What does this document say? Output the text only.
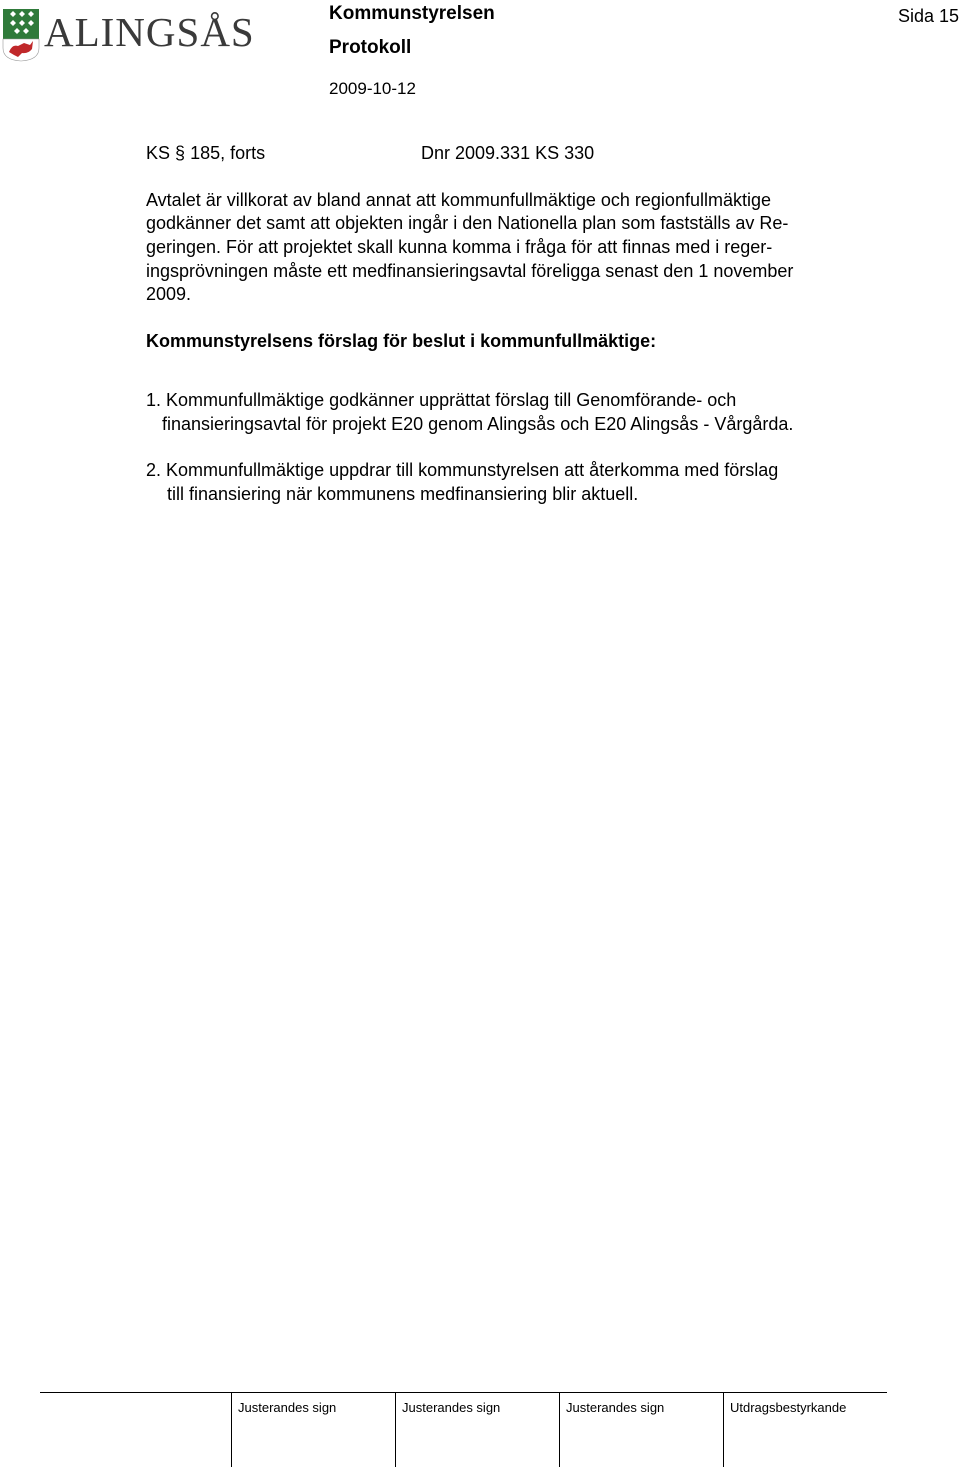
ALINGSÅS	Kommunstyrelsen
Protokoll
2009-10-12
Sida 15
KS § 185, forts	Dnr 2009.331 KS 330
Avtalet är villkorat av bland annat att kommunfullmäktige och regionfullmäktige
godkänner det samt att objekten ingår i den Nationella plan som fastställs av Re-
geringen. För att projektet skall kunna komma i fråga för att finnas med i reger-
ingsprövningen måste ett medfinansieringsavtal föreligga senast den 1 november
2009.
Kommunstyrelsens förslag för beslut i kommunfullmäktige:
1. Kommunfullmäktige godkänner upprättat förslag till Genomförande- och
finansieringsavtal för projekt E20 genom Alingsås och E20 Alingsås - Vårgårda.
2. Kommunfullmäktige uppdrar till kommunstyrelsen att återkomma med förslag
till finansiering när kommunens medfinansiering blir aktuell.
Justerandes sign	Justerandes sign	Justerandes sign	Utdragsbestyrkande
